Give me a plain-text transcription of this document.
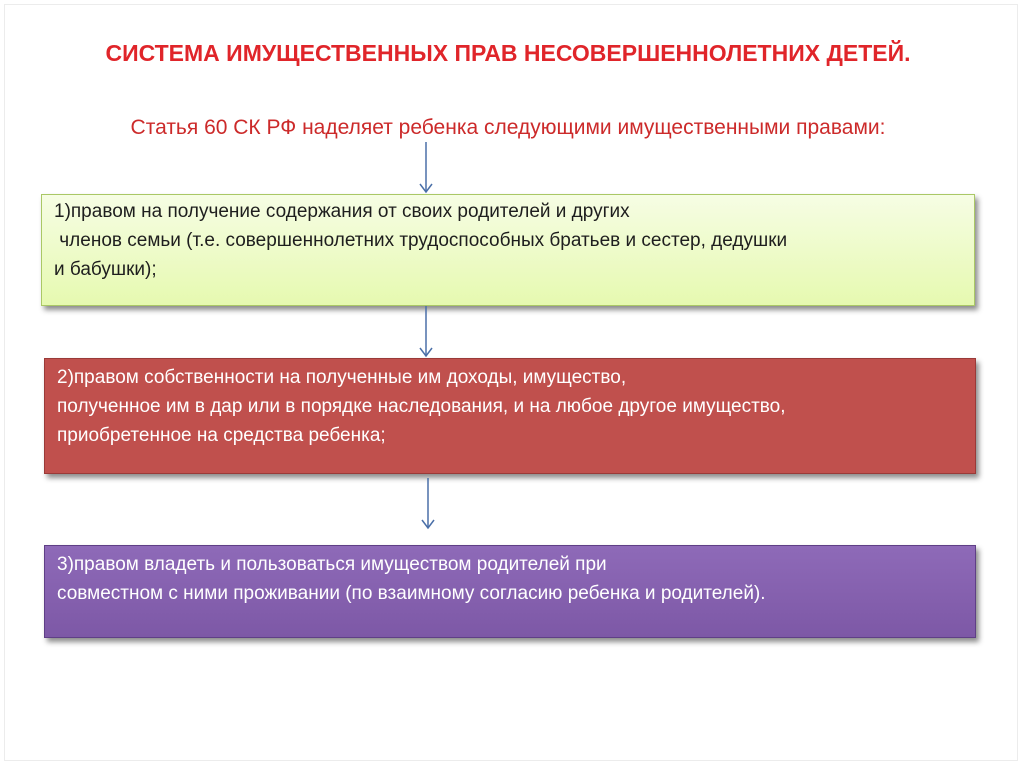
СИСТЕМА ИМУЩЕСТВЕННЫХ ПРАВ НЕСОВЕРШЕННОЛЕТНИХ ДЕТЕЙ.
Статья 60 СК РФ наделяет ребенка следующими имущественными правами:
1)правом на получение содержания от своих родителей и других
членов семьи (т.е. совершеннолетних трудоспособных братьев и сестер, дедушки
и бабушки);
2)правом собственности на полученные им доходы, имущество,
полученное им в дар или в порядке наследования, и на любое другое имущество,
приобретенное на средства ребенка;
3)правом владеть и пользоваться имуществом родителей при
совместном с ними проживании (по взаимному согласию ребенка и родителей).
